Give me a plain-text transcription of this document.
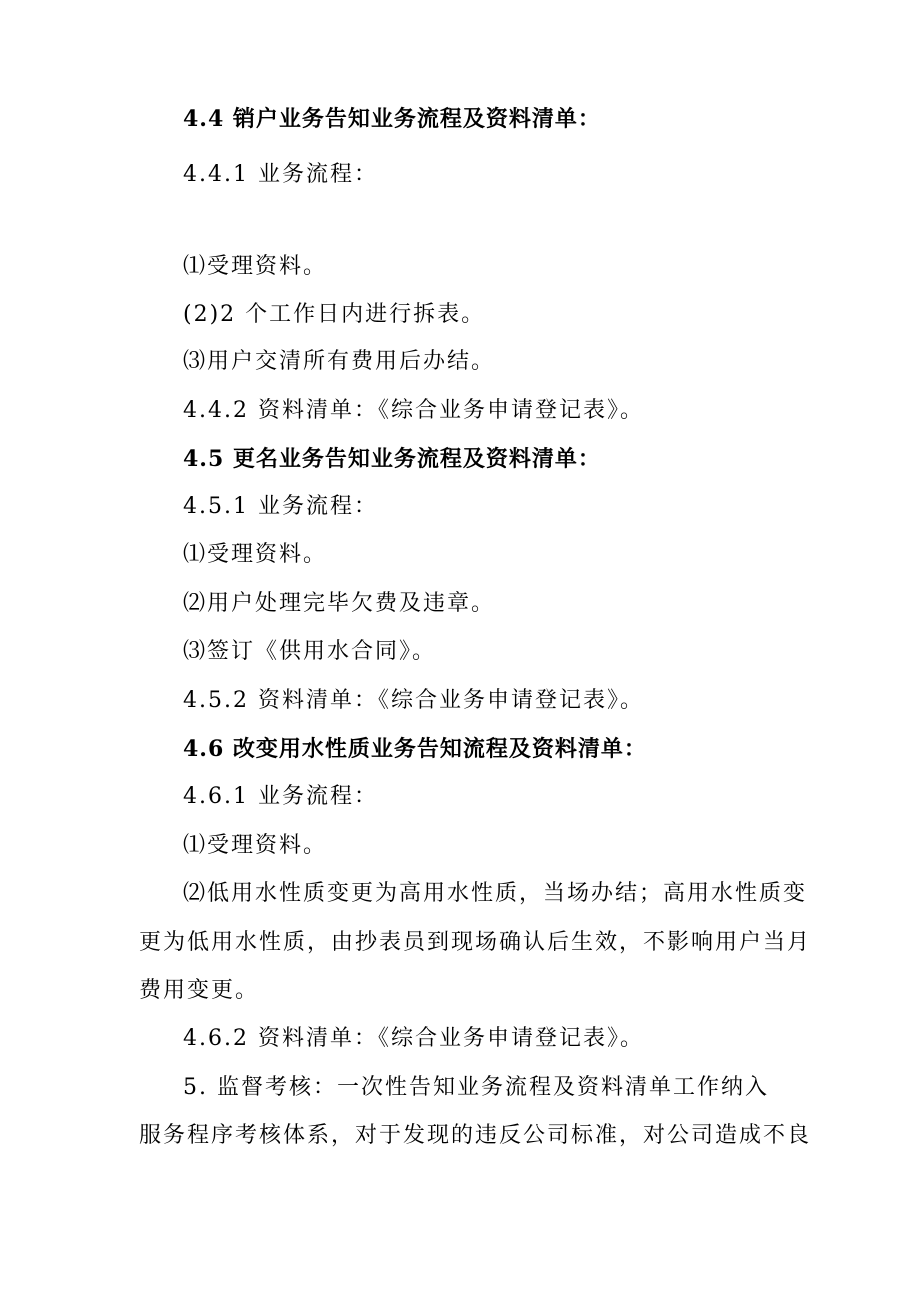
4.4 销户业务告知业务流程及资料清单：
4.4.1 业务流程：
⑴受理资料。
(2)2 个工作日内进行拆表。
⑶用户交清所有费用后办结。
4.4.2 资料清单：《综合业务申请登记表》。
4.5 更名业务告知业务流程及资料清单：
4.5.1 业务流程：
⑴受理资料。
⑵用户处理完毕欠费及违章。
⑶签订《供用水合同》。
4.5.2 资料清单：《综合业务申请登记表》。
4.6 改变用水性质业务告知流程及资料清单：
4.6.1 业务流程：
⑴受理资料。
⑵低用水性质变更为高用水性质，当场办结；高用水性质变
更为低用水性质，由抄表员到现场确认后生效，不影响用户当月
费用变更。
4.6.2 资料清单：《综合业务申请登记表》。
5. 监督考核：一次性告知业务流程及资料清单工作纳入
服务程序考核体系，对于发现的违反公司标准，对公司造成不良
